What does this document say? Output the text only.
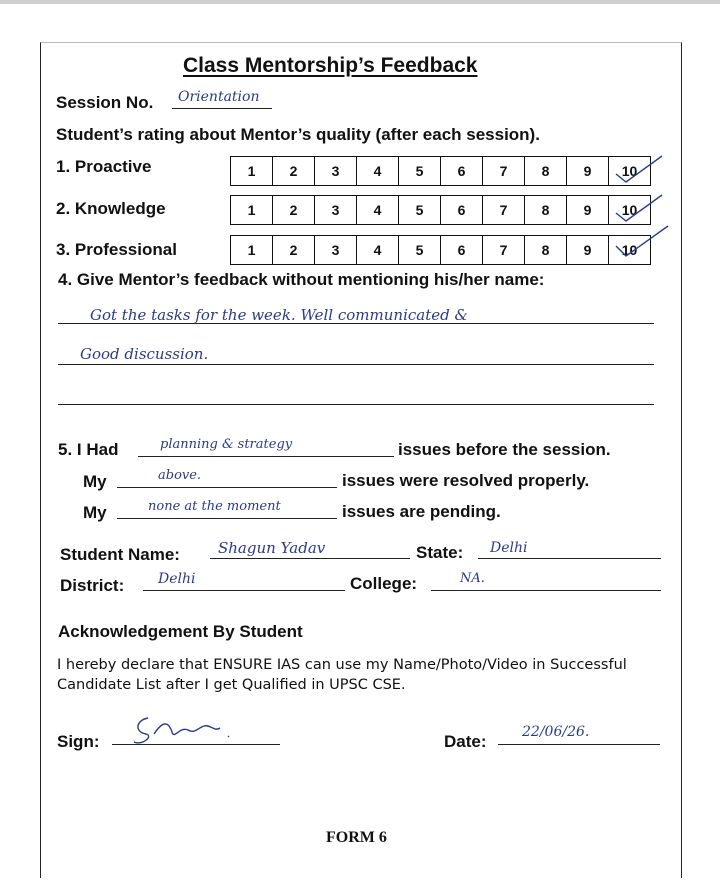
Class Mentorship’s Feedback
Session No. Orientation
Student’s rating about Mentor’s quality (after each session).
1. Proactive	1	2	3	4	5	6	7	8	9	10
2. Knowledge	1	2	3	4	5	6	7	8	9	10
3. Professional	1	2	3	4	5	6	7	8	9	10
4. Give Mentor’s feedback without mentioning his/her name:
Got the tasks for the week. Well communicated &
Good discussion.
5. I Had	planning & strategy	issues before the session.
My	above.	issues were resolved properly.
My	none at the moment	issues are pending.
Student Name:	Shagun Yadav	State: Delhi
District: Delhi	College:	NA.
Acknowledgement By Student
I hereby declare that ENSURE IAS can use my Name/Photo/Video in Successful
Candidate List after I get Qualified in UPSC CSE.
Sign:	Date:	22/06/26.
FORM 6
